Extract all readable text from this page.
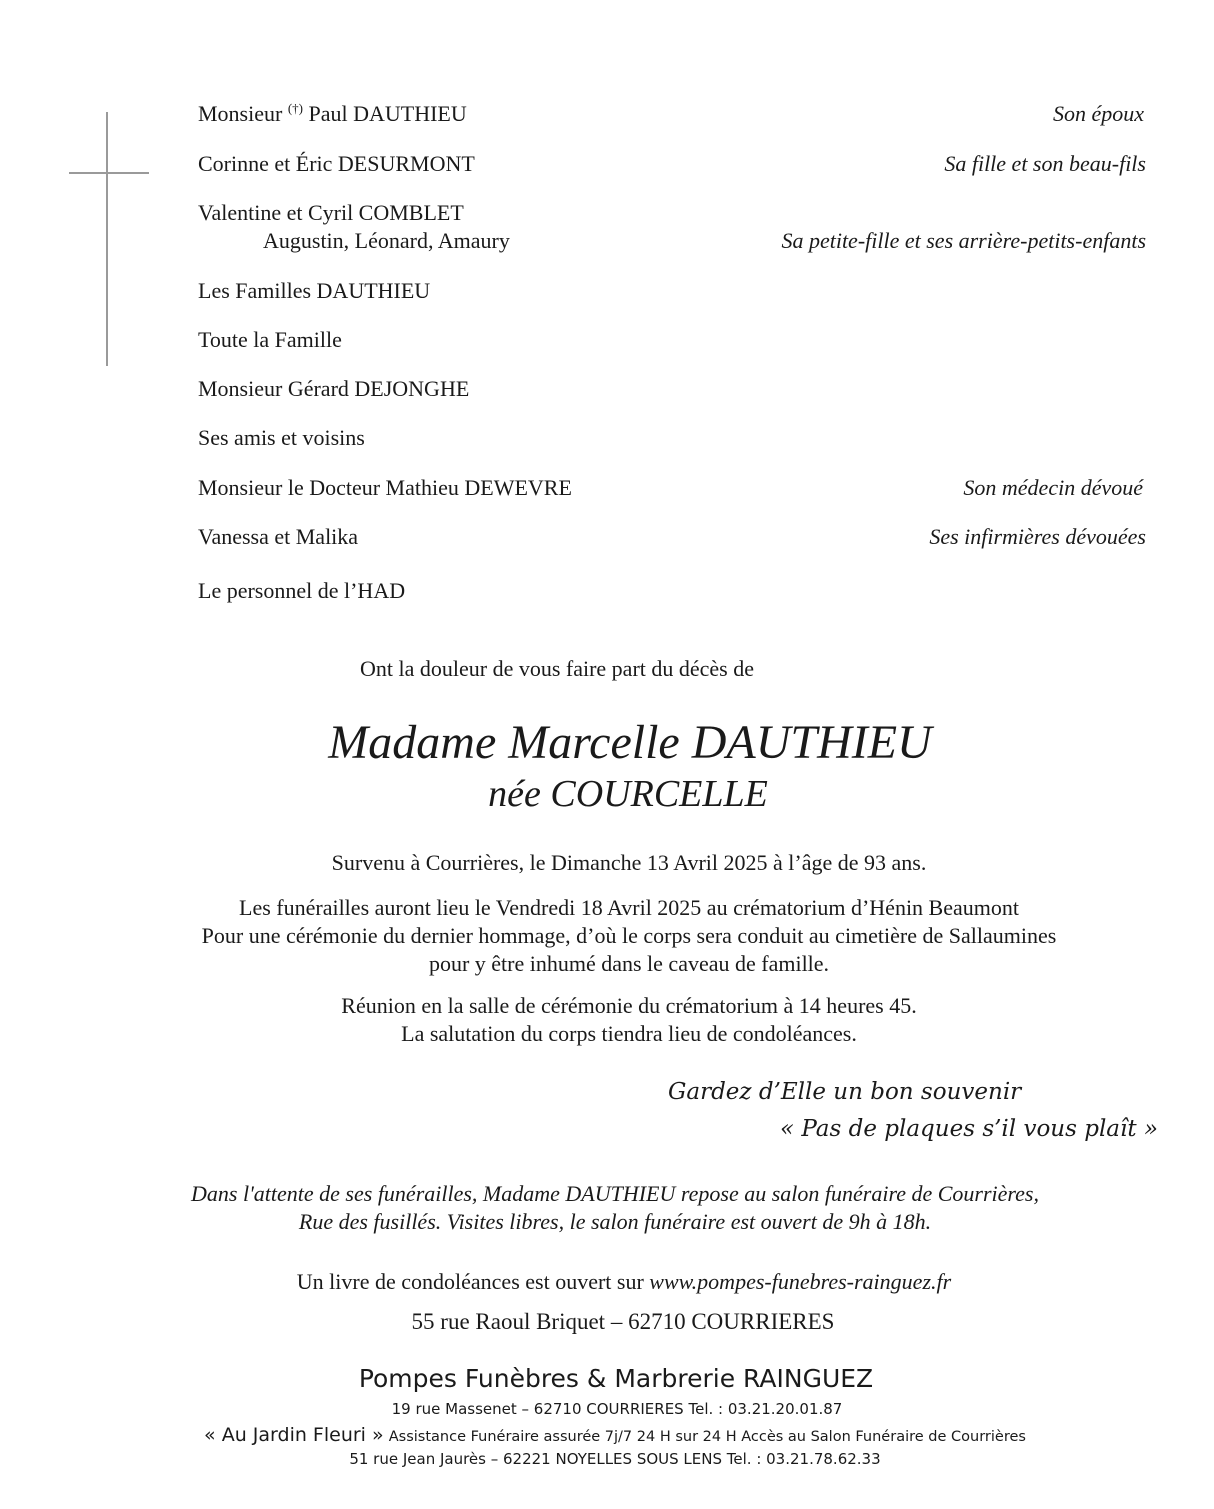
Monsieur (†) Paul DAUTHIEU	Son époux
Corinne et Éric DESURMONT	Sa fille et son beau-fils
Valentine et Cyril COMBLET
Augustin, Léonard, Amaury	Sa petite-fille et ses arrière-petits-enfants
Les Familles DAUTHIEU
Toute la Famille
Monsieur Gérard DEJONGHE
Ses amis et voisins
Monsieur le Docteur Mathieu DEWEVRE	Son médecin dévoué
Vanessa et Malika	Ses infirmières dévouées
Le personnel de l’HAD
Ont la douleur de vous faire part du décès de
Madame Marcelle DAUTHIEU
née COURCELLE
Survenu à Courrières, le Dimanche 13 Avril 2025 à l’âge de 93 ans.
Les funérailles auront lieu le Vendredi 18 Avril 2025 au crématorium d’Hénin Beaumont
Pour une cérémonie du dernier hommage, d’où le corps sera conduit au cimetière de Sallaumines
pour y être inhumé dans le caveau de famille.
Réunion en la salle de cérémonie du crématorium à 14 heures 45.
La salutation du corps tiendra lieu de condoléances.
Gardez d’Elle un bon souvenir
« Pas de plaques s’il vous plaît »
Dans l'attente de ses funérailles, Madame DAUTHIEU repose au salon funéraire de Courrières,
Rue des fusillés. Visites libres, le salon funéraire est ouvert de 9h à 18h.
Un livre de condoléances est ouvert sur www.pompes-funebres-rainguez.fr
55 rue Raoul Briquet – 62710 COURRIERES
Pompes Funèbres & Marbrerie RAINGUEZ
19 rue Massenet – 62710 COURRIERES Tel. : 03.21.20.01.87
« Au Jardin Fleuri » Assistance Funéraire assurée 7j/7 24 H sur 24 H Accès au Salon Funéraire de Courrières
51 rue Jean Jaurès – 62221 NOYELLES SOUS LENS Tel. : 03.21.78.62.33
